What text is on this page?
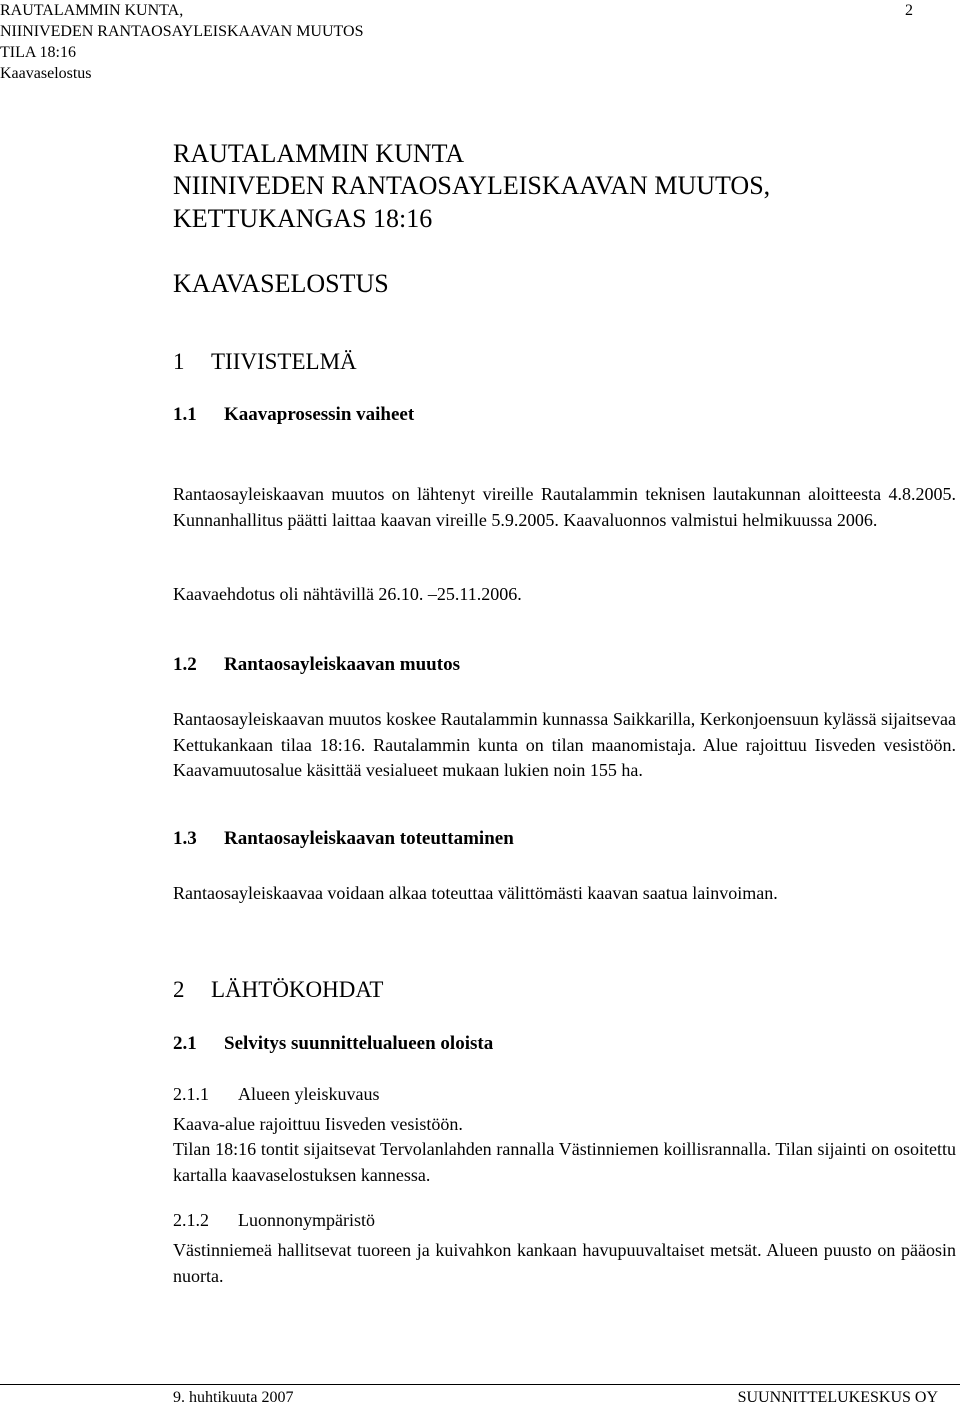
RAUTALAMMIN KUNTA,
NIINIVEDEN RANTAOSAYLEISKAAVAN MUUTOS
TILA 18:16
Kaavaselostus
2
RAUTALAMMIN KUNTA
NIINIVEDEN RANTAOSAYLEISKAAVAN MUUTOS,
KETTUKANGAS 18:16
KAAVASELOSTUS
1 TIIVISTELMÄ
1.1 Kaavaprosessin vaiheet
Rantaosayleiskaavan muutos on lähtenyt vireille Rautalammin teknisen lautakunnan aloitteesta 4.8.2005. Kunnanhallitus päätti laittaa kaavan vireille 5.9.2005. Kaavaluonnos valmistui helmikuussa 2006.
Kaavaehdotus oli nähtävillä 26.10. –25.11.2006.
1.2 Rantaosayleiskaavan muutos
Rantaosayleiskaavan muutos koskee Rautalammin kunnassa Saikkarilla, Kerkonjoensuun kylässä sijaitsevaa Kettukankaan tilaa 18:16. Rautalammin kunta on tilan maanomistaja. Alue rajoittuu Iisveden vesistöön. Kaavamuutosalue käsittää vesialueet mukaan lukien noin 155 ha.
1.3 Rantaosayleiskaavan toteuttaminen
Rantaosayleiskaavaa voidaan alkaa toteuttaa välittömästi kaavan saatua lainvoiman.
2 LÄHTÖKOHDAT
2.1 Selvitys suunnittelualueen oloista
2.1.1 Alueen yleiskuvaus
Kaava-alue rajoittuu Iisveden vesistöön.
Tilan 18:16 tontit sijaitsevat Tervolanlahden rannalla Västinniemen koillisrannalla. Tilan sijainti on osoitettu kartalla kaavaselostuksen kannessa.
2.1.2 Luonnonympäristö
Västinniemeä hallitsevat tuoreen ja kuivahkon kankaan havupuuvaltaiset metsät. Alueen puusto on pääosin nuorta.
9. huhtikuuta 2007	SUUNNITTELUKESKUS OY
